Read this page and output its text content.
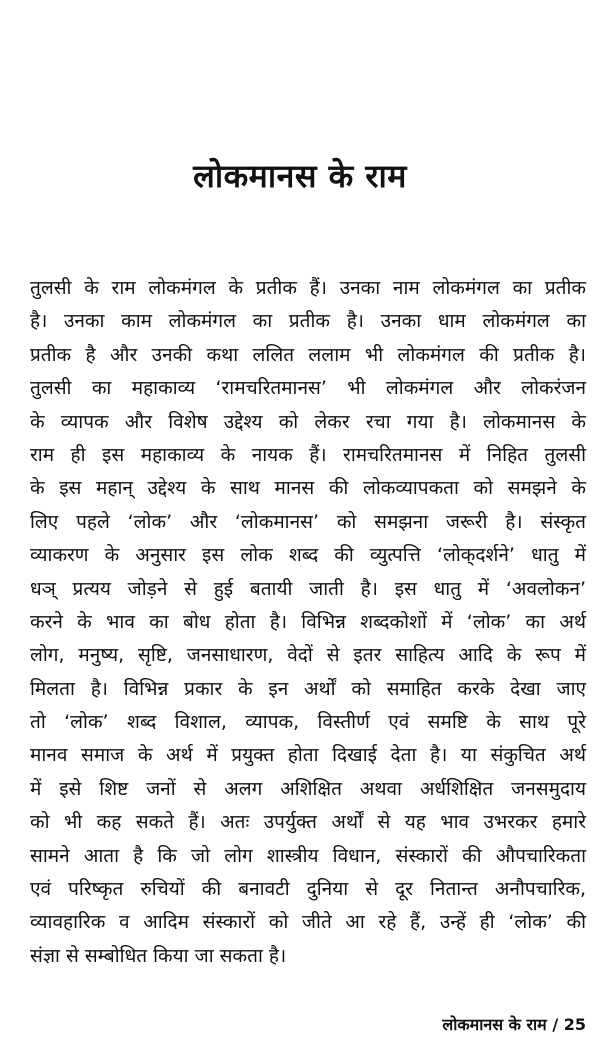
लोकमानस के राम
तुलसी के राम लोकमंगल के प्रतीक हैं। उनका नाम लोकमंगल का प्रतीक
है। उनका काम लोकमंगल का प्रतीक है। उनका धाम लोकमंगल का
प्रतीक है और उनकी कथा ललित ललाम भी लोकमंगल की प्रतीक है।
तुलसी का महाकाव्य ‘रामचरितमानस’ भी लोकमंगल और लोकरंजन
के व्यापक और विशेष उद्देश्य को लेकर रचा गया है। लोकमानस के
राम ही इस महाकाव्य के नायक हैं। रामचरितमानस में निहित तुलसी
के इस महान् उद्देश्य के साथ मानस की लोकव्यापकता को समझने के
लिए पहले ‘लोक’ और ‘लोकमानस’ को समझना जरूरी है। संस्कृत
व्याकरण के अनुसार इस लोक शब्द की व्युत्पत्ति ‘लोक्‌दर्शने’ धातु में
धञ्‌ प्रत्यय जोड़ने से हुई बतायी जाती है। इस धातु में ‘अवलोकन’
करने के भाव का बोध होता है। विभिन्न शब्दकोशों में ‘लोक’ का अर्थ
लोग, मनुष्य, सृष्टि, जनसाधारण, वेदों से इतर साहित्य आदि के रूप में
मिलता है। विभिन्न प्रकार के इन अर्थों को समाहित करके देखा जाए
तो ‘लोक’ शब्द विशाल, व्यापक, विस्तीर्ण एवं समष्टि के साथ पूरे
मानव समाज के अर्थ में प्रयुक्त होता दिखाई देता है। या संकुचित अर्थ
में इसे शिष्ट जनों से अलग अशिक्षित अथवा अर्धशिक्षित जनसमुदाय
को भी कह सकते हैं। अतः उपर्युक्त अर्थों से यह भाव उभरकर हमारे
सामने आता है कि जो लोग शास्त्रीय विधान, संस्कारों की औपचारिकता
एवं परिष्कृत रुचियों की बनावटी दुनिया से दूर नितान्त अनौपचारिक,
व्यावहारिक व आदिम संस्कारों को जीते आ रहे हैं, उन्हें ही ‘लोक’ की
संज्ञा से सम्बोधित किया जा सकता है।
लोकमानस के राम / 25
